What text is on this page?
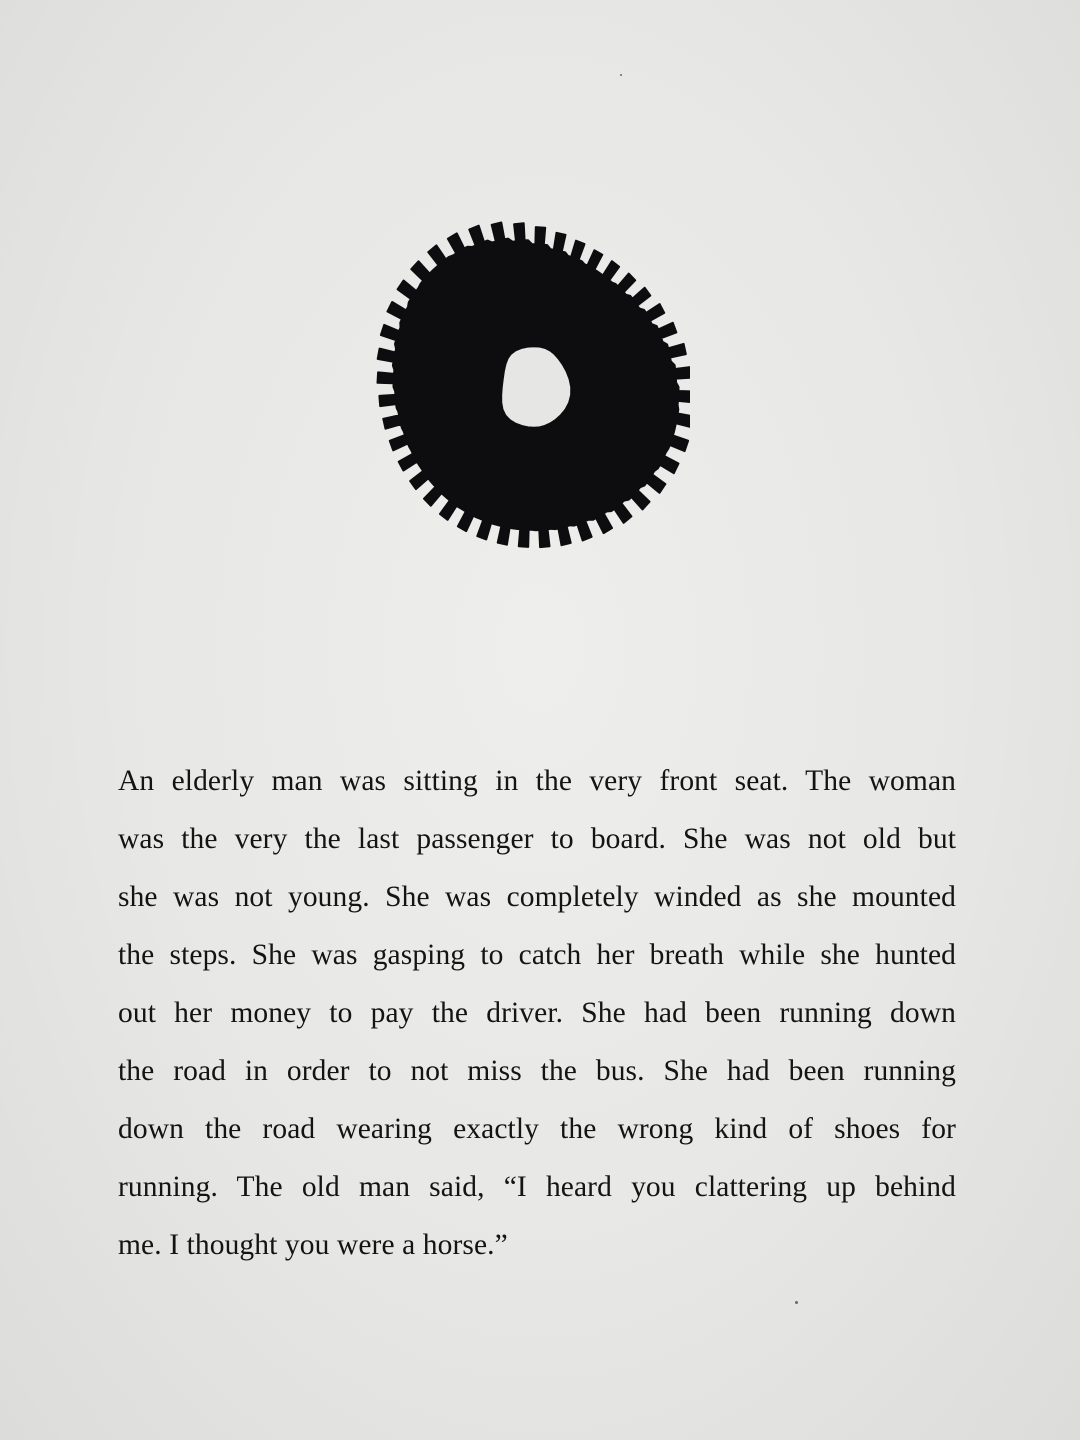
An elderly man was sitting in the very front seat. The woman
was the very the last passenger to board. She was not old but
she was not young. She was completely winded as she mounted
the steps. She was gasping to catch her breath while she hunted
out her money to pay the driver. She had been running down
the road in order to not miss the bus. She had been running
down the road wearing exactly the wrong kind of shoes for
running. The old man said, “I heard you clattering up behind
me. I thought you were a horse.”
